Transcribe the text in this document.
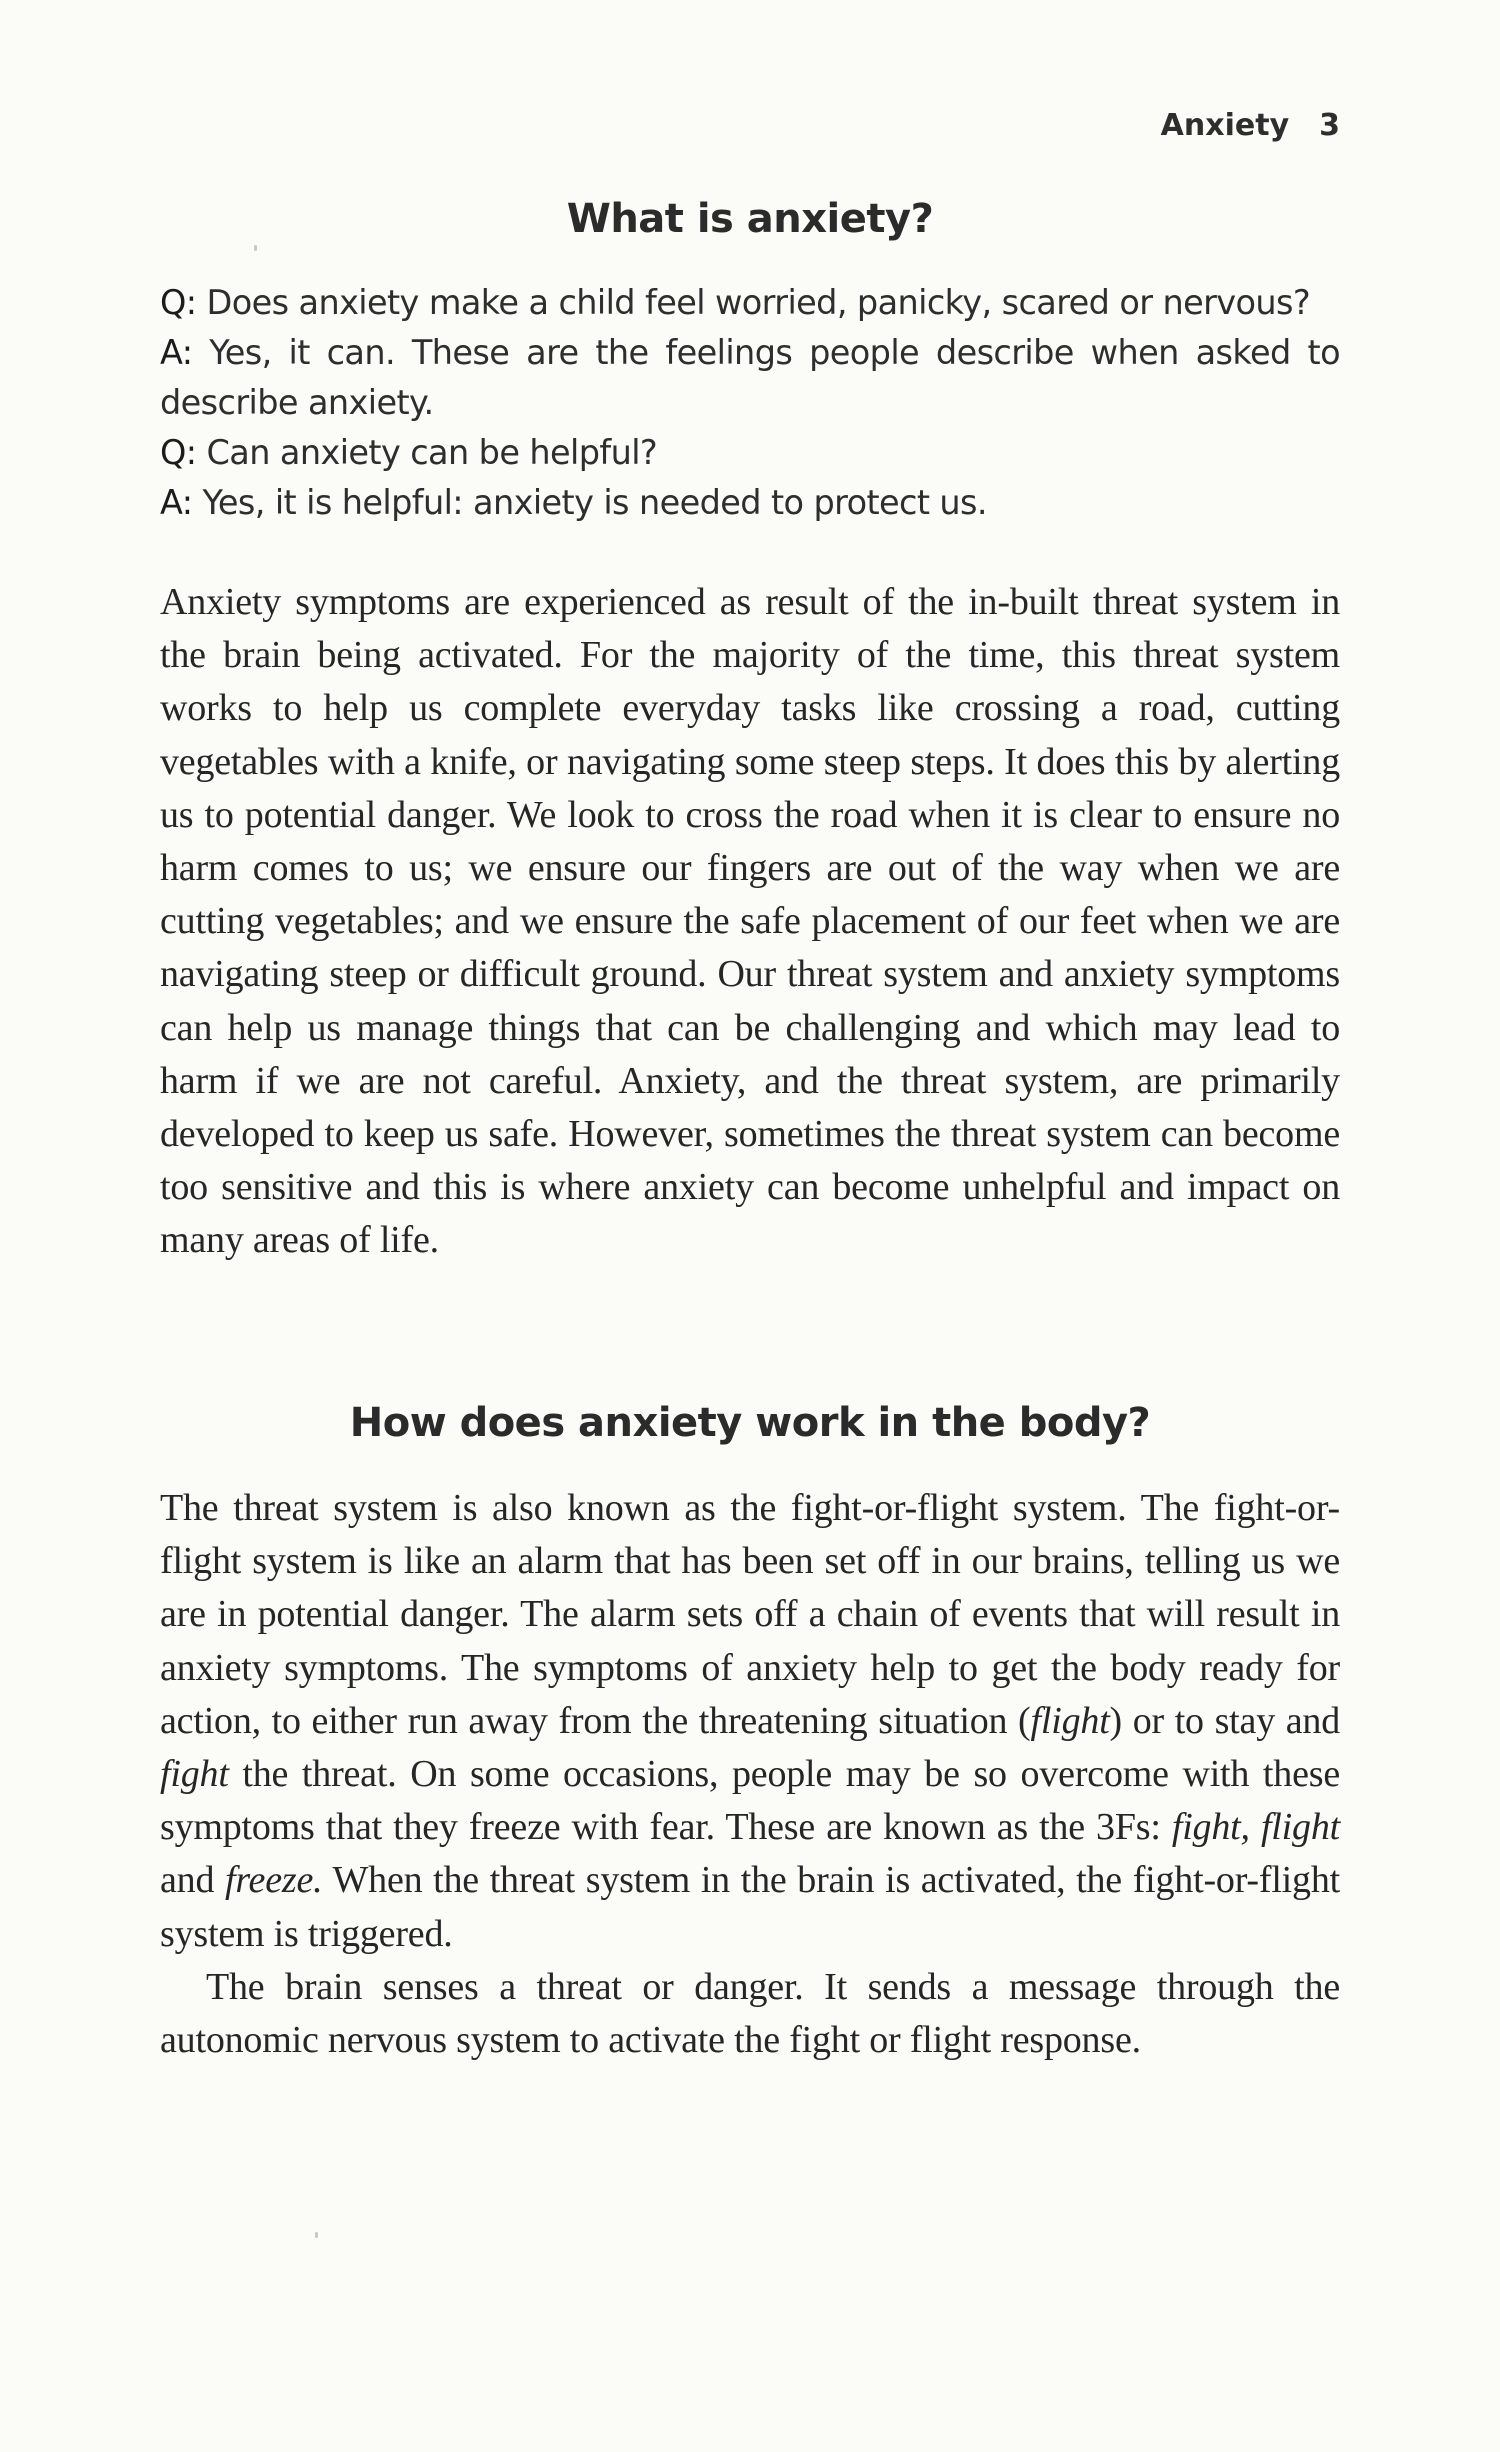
Anxiety 3
What is anxiety?

Q: Does anxiety make a child feel worried, panicky, scared or nervous?

A: Yes, it can. These are the feelings people describe when asked to describe anxiety.

Q: Can anxiety can be helpful?

A: Yes, it is helpful: anxiety is needed to protect us.

Anxiety symptoms are experienced as result of the in-built threat system in the brain being activated. For the majority of the time, this threat system works to help us complete everyday tasks like crossing a road, cutting vegetables with a knife, or navigating some steep steps. It does this by alerting us to potential danger. We look to cross the road when it is clear to ensure no harm comes to us; we ensure our fingers are out of the way when we are cutting vegetables; and we ensure the safe placement of our feet when we are navigating steep or difficult ground. Our threat system and anxiety symptoms can help us manage things that can be challenging and which may lead to harm if we are not careful. Anxiety, and the threat system, are primarily developed to keep us safe. However, sometimes the threat system can become too sensitive and this is where anxiety can become unhelpful and impact on many areas of life.

How does anxiety work in the body?

The threat system is also known as the fight-or-flight system. The fight-or-flight system is like an alarm that has been set off in our brains, telling us we are in potential danger. The alarm sets off a chain of events that will result in anxiety symptoms. The symptoms of anxiety help to get the body ready for action, to either run away from the threatening situation (flight) or to stay and fight the threat. On some occasions, people may be so overcome with these symptoms that they freeze with fear. These are known as the 3Fs: fight, flight and freeze. When the threat system in the brain is activated, the fight-or-flight system is triggered.

The brain senses a threat or danger. It sends a message through the autonomic nervous system to activate the fight or flight response.
